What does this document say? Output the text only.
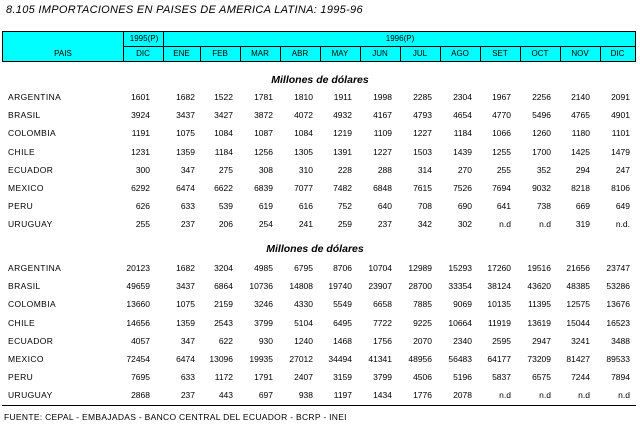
8.105 IMPORTACIONES EN PAISES DE AMERICA LATINA: 1995-96
PAIS
1995(P)	1996(P)
DIC	ENE	FEB	MAR	ABR	MAY	JUN	JUL	AGO	SET	OCT	NOV	DIC
Millones de dólares
ARGENTINA	1601	1682 1522 1781 1810 1911 1998 2285 2304 1967 2256 2140 2091
BRASIL	3924	3437 3427 3872 4072 4932 4167 4793 4654 4770 5496 4765 4901
COLOMBIA	1191	1075 1084 1087 1084 1219	1109 1227	1184 1066 1260 1180	1101
CHILE	1231	1359 1184 1256 1305 1391 1227 1503 1439 1255 1700 1425 1479
ECUADOR	300	347	275	308	310	228	288	314	270	255	352	294	247
MEXICO	6292	6474 6622 6839 7077 7482 6848 7615 7526 7694 9032 8218 8106
PERU	626	633	539	619	616	752	640	708	690	641	738	669	649
URUGUAY	255	237	206	254	241	259	237	342	302	n.d	n.d	319	n.d.
Millones de dólares
ARGENTINA	20123	1682 3204 4985 6795 8706 10704 12989 15293 17260 19516 21656 23747
BRASIL	49659	3437 6864 10736 14808 19740 23907 28700 33354 38124 43620 48385 53286
COLOMBIA	13660	1075 2159 3246 4330 5549 6658 7885 9069 10135 11395 12575 13676
CHILE	14656	1359 2543 3799 5104 6495 7722 9225 10664 11919 13619 15044 16523
ECUADOR	4057	347	622	930 1240 1468 1756 2070 2340 2595 2947 3241 3488
MEXICO	72454	6474 13096 19935 27012 34494 41341 48956 56483 64177 73209 81427 89533
PERU	7695	633 1172 1791 2407 3159 3799 4506 5196 5837 6575 7244 7894
URUGUAY	2868	237	443	697	938 1197 1434 1776 2078	n.d	n.d	n.d	n.d
FUENTE: CEPAL - EMBAJADAS - BANCO CENTRAL DEL ECUADOR - BCRP - INEI
